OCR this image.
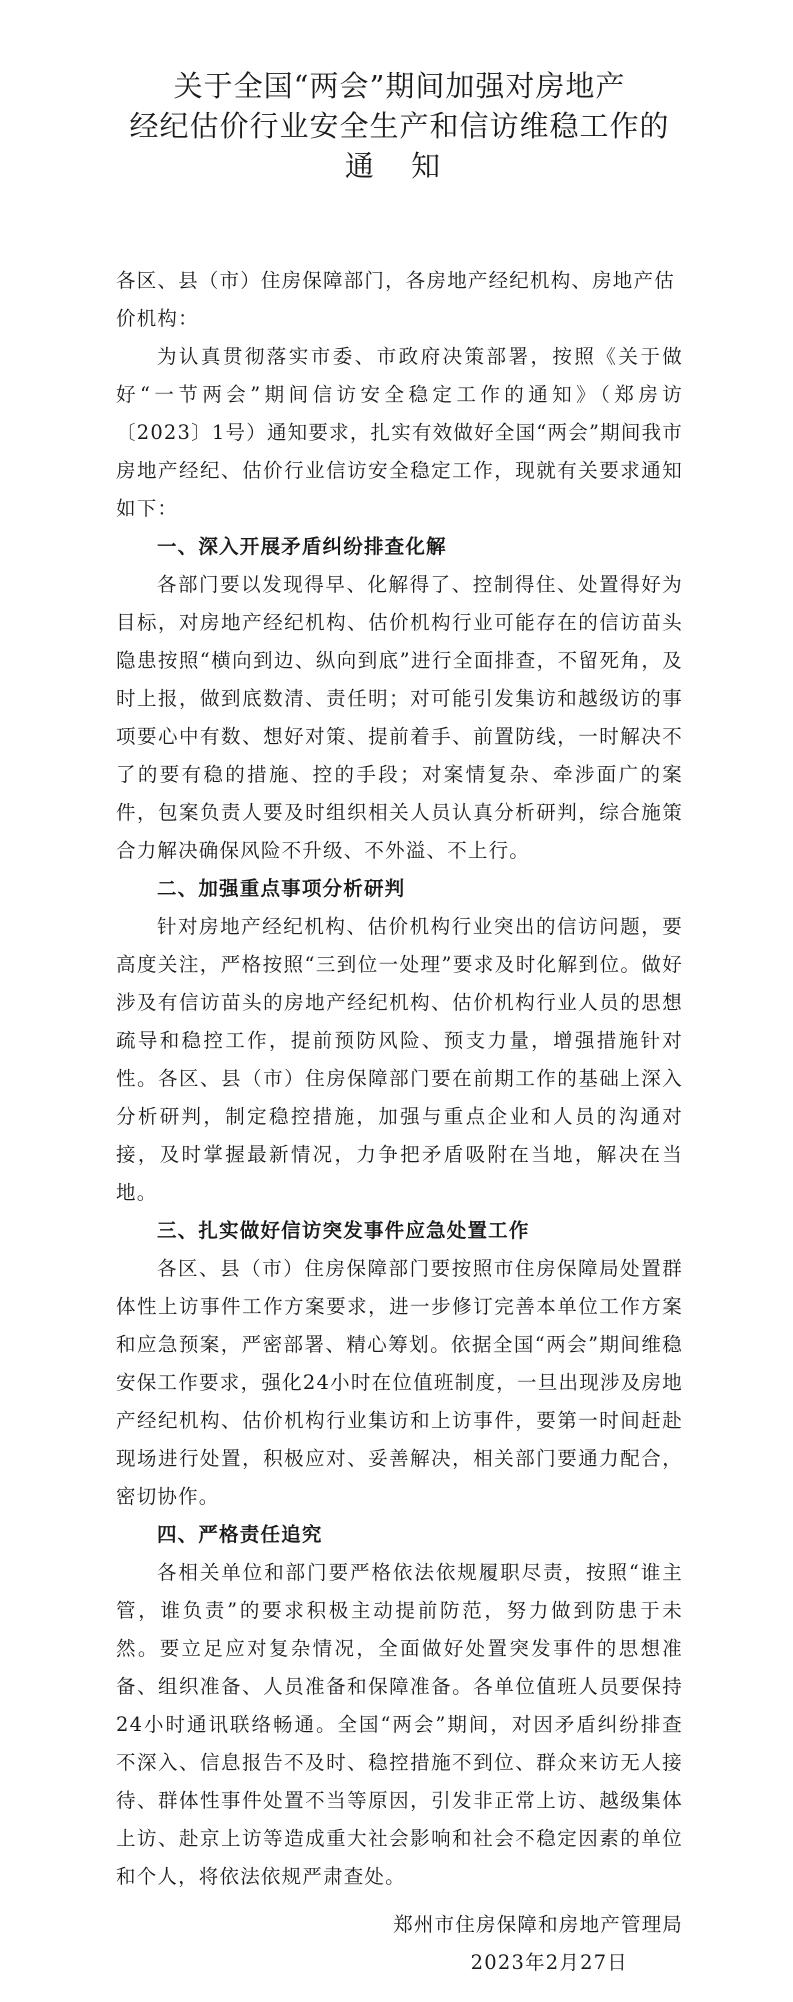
关于全国“两会”期间加强对房地产
经纪估价行业安全生产和信访维稳工作的
通 知

各区、县（市）住房保障部门，各房地产经纪机构、房地产估价机构：

为认真贯彻落实市委、市政府决策部署，按照《关于做好“一节两会”期间信访安全稳定工作的通知》（郑房访〔2023〕1号）通知要求，扎实有效做好全国“两会”期间我市房地产经纪、估价行业信访安全稳定工作，现就有关要求通知如下：

一、深入开展矛盾纠纷排查化解

各部门要以发现得早、化解得了、控制得住、处置得好为目标，对房地产经纪机构、估价机构行业可能存在的信访苗头隐患按照“横向到边、纵向到底”进行全面排查，不留死角，及时上报，做到底数清、责任明；对可能引发集访和越级访的事项要心中有数、想好对策、提前着手、前置防线，一时解决不了的要有稳的措施、控的手段；对案情复杂、牵涉面广的案件，包案负责人要及时组织相关人员认真分析研判，综合施策合力解决确保风险不升级、不外溢、不上行。

二、加强重点事项分析研判

针对房地产经纪机构、估价机构行业突出的信访问题，要高度关注，严格按照“三到位一处理”要求及时化解到位。做好涉及有信访苗头的房地产经纪机构、估价机构行业人员的思想疏导和稳控工作，提前预防风险、预支力量，增强措施针对性。各区、县（市）住房保障部门要在前期工作的基础上深入分析研判，制定稳控措施，加强与重点企业和人员的沟通对接，及时掌握最新情况，力争把矛盾吸附在当地，解决在当地。

三、扎实做好信访突发事件应急处置工作

各区、县（市）住房保障部门要按照市住房保障局处置群体性上访事件工作方案要求，进一步修订完善本单位工作方案和应急预案，严密部署、精心筹划。依据全国“两会”期间维稳安保工作要求，强化24小时在位值班制度，一旦出现涉及房地产经纪机构、估价机构行业集访和上访事件，要第一时间赶赴现场进行处置，积极应对、妥善解决，相关部门要通力配合，密切协作。

四、严格责任追究

各相关单位和部门要严格依法依规履职尽责，按照“谁主管，谁负责”的要求积极主动提前防范，努力做到防患于未然。要立足应对复杂情况，全面做好处置突发事件的思想准备、组织准备、人员准备和保障准备。各单位值班人员要保持24小时通讯联络畅通。全国“两会”期间，对因矛盾纠纷排查不深入、信息报告不及时、稳控措施不到位、群众来访无人接待、群体性事件处置不当等原因，引发非正常上访、越级集体上访、赴京上访等造成重大社会影响和社会不稳定因素的单位和个人，将依法依规严肃查处。

郑州市住房保障和房地产管理局
2023年2月27日
